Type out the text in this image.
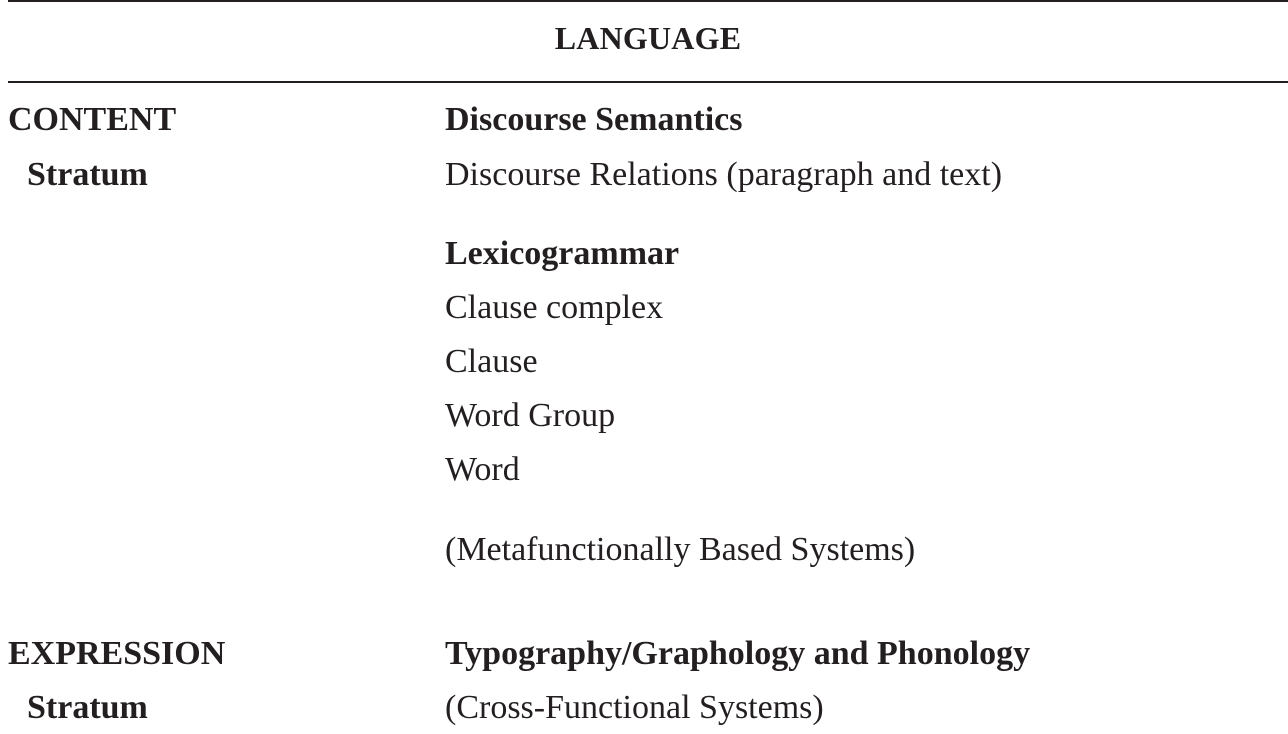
LANGUAGE
CONTENT
Stratum
Discourse Semantics
Discourse Relations (paragraph and text)
Lexicogrammar
Clause complex
Clause
Word Group
Word
(Metafunctionally Based Systems)
EXPRESSION
Stratum
Typography/Graphology and Phonology
(Cross-Functional Systems)
